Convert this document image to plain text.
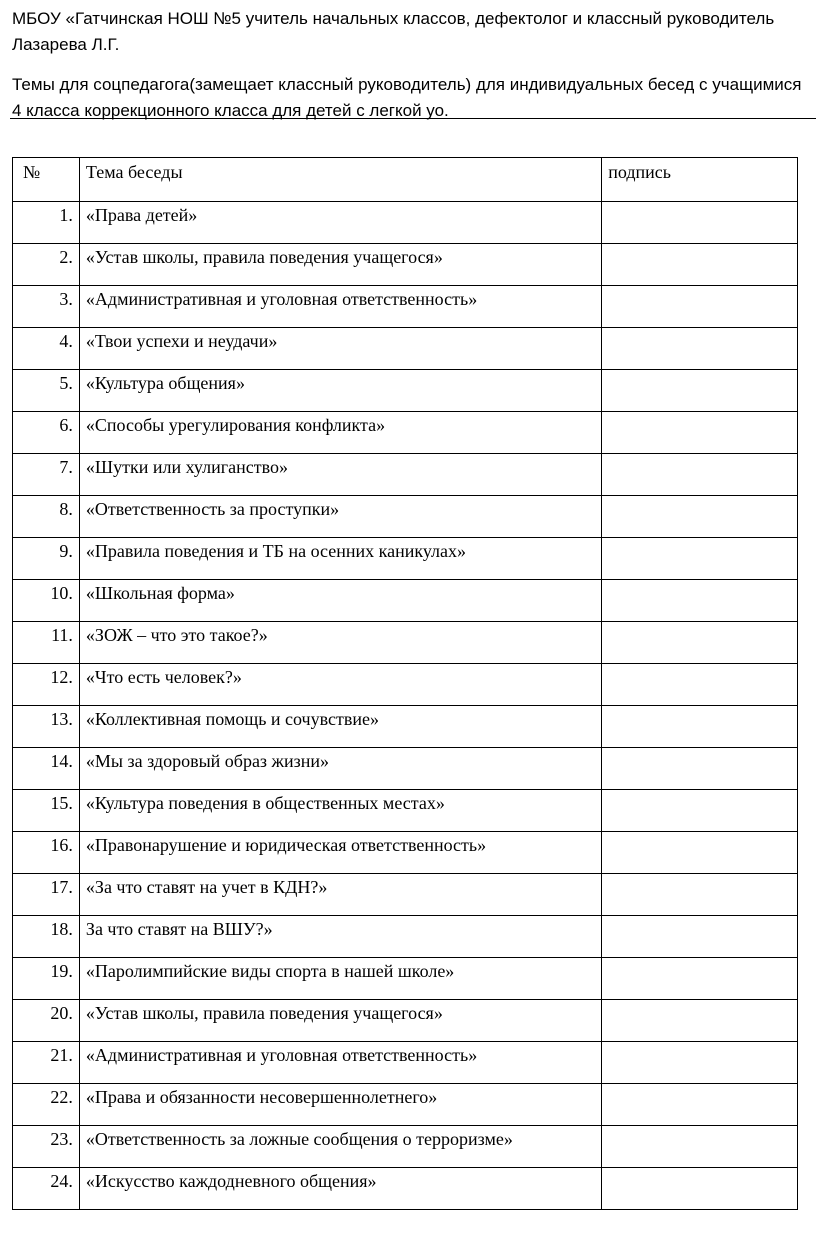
МБОУ «Гатчинская НОШ №5 учитель начальных классов, дефектолог и классный руководитель Лазарева Л.Г.

Темы для соцпедагога(замещает классный руководитель) для индивидуальных бесед с учащимися 4 класса коррекционного класса для детей с легкой уо.

№	Тема беседы	подпись
1.	«Права детей»	
2.	«Устав школы, правила поведения учащегося»	
3.	«Административная и уголовная ответственность»	
4.	«Твои успехи и неудачи»	
5.	«Культура общения»	
6.	«Способы урегулирования конфликта»	
7.	«Шутки или хулиганство»	
8.	«Ответственность за проступки»	
9.	«Правила поведения и ТБ на осенних каникулах»	
10.	«Школьная форма»	
11.	«ЗОЖ – что это такое?»	
12.	«Что есть человек?»	
13.	«Коллективная помощь и сочувствие»	
14.	«Мы за здоровый образ жизни»	
15.	«Культура поведения в общественных местах»	
16.	«Правонарушение и юридическая ответственность»	
17.	«За что ставят на учет в КДН?»	
18.	За что ставят на ВШУ?»	
19.	«Паролимпийские виды спорта в нашей школе»	
20.	«Устав школы, правила поведения учащегося»	
21.	«Административная и уголовная ответственность»	
22.	«Права и обязанности несовершеннолетнего»	
23.	«Ответственность за ложные сообщения о терроризме»	
24.	«Искусство каждодневного общения»	
